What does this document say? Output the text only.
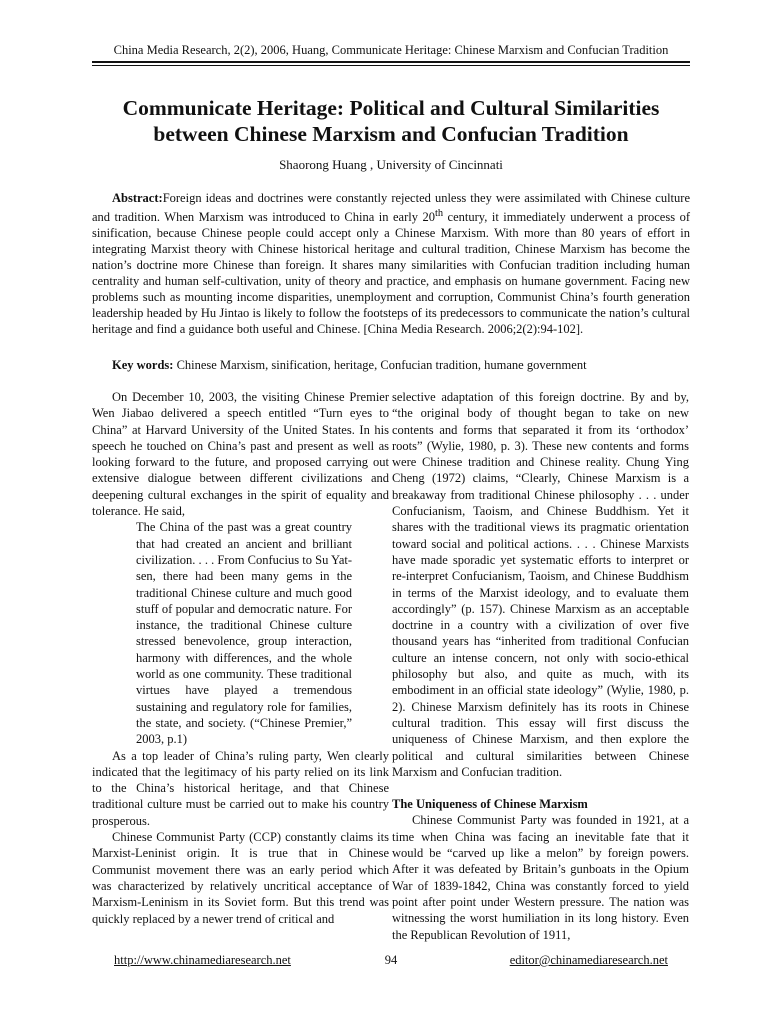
China Media Research, 2(2), 2006, Huang, Communicate Heritage: Chinese Marxism and Confucian Tradition
Communicate Heritage: Political and Cultural Similarities
between Chinese Marxism and Confucian Tradition
Shaorong Huang , University of Cincinnati

Abstract:Foreign ideas and doctrines were constantly rejected unless they were assimilated with Chinese culture and tradition. When Marxism was introduced to China in early 20th century, it immediately underwent a process of sinification, because Chinese people could accept only a Chinese Marxism. With more than 80 years of effort in integrating Marxist theory with Chinese historical heritage and cultural tradition, Chinese Marxism has become the nation’s doctrine more Chinese than foreign. It shares many similarities with Confucian tradition including human centrality and human self-cultivation, unity of theory and practice, and emphasis on humane government. Facing new problems such as mounting income disparities, unemployment and corruption, Communist China’s fourth generation leadership headed by Hu Jintao is likely to follow the footsteps of its predecessors to communicate the nation’s cultural heritage and find a guidance both useful and Chinese. [China Media Research. 2006;2(2):94-102].

Key words: Chinese Marxism, sinification, heritage, Confucian tradition, humane government

On December 10, 2003, the visiting Chinese Premier Wen Jiabao delivered a speech entitled “Turn eyes to China” at Harvard University of the United States. In his speech he touched on China’s past and present as well as looking forward to the future, and proposed carrying out extensive dialogue between different civilizations and deepening cultural exchanges in the spirit of equality and tolerance. He said,

The China of the past was a great country that had created an ancient and brilliant civilization. . . . From Confucius to Su Yat-sen, there had been many gems in the traditional Chinese culture and much good stuff of popular and democratic nature. For instance, the traditional Chinese culture stressed benevolence, group interaction, harmony with differences, and the whole world as one community. These traditional virtues have played a tremendous sustaining and regulatory role for families, the state, and society. (“Chinese Premier,” 2003, p.1)

As a top leader of China’s ruling party, Wen clearly indicated that the legitimacy of his party relied on its link to the China’s historical heritage, and that Chinese traditional culture must be carried out to make his country prosperous.

Chinese Communist Party (CCP) constantly claims its Marxist-Leninist origin. It is true that in Chinese Communist movement there was an early period which was characterized by relatively uncritical acceptance of Marxism-Leninism in its Soviet form. But this trend was quickly replaced by a newer trend of critical and

selective adaptation of this foreign doctrine. By and by, “the original body of thought began to take on new contents and forms that separated it from its ‘orthodox’ roots” (Wylie, 1980, p. 3). These new contents and forms were Chinese tradition and Chinese reality. Chung Ying Cheng (1972) claims, “Clearly, Chinese Marxism is a breakaway from traditional Chinese philosophy . . . under Confucianism, Taoism, and Chinese Buddhism. Yet it shares with the traditional views its pragmatic orientation toward social and political actions. . . . Chinese Marxists have made sporadic yet systematic efforts to interpret or re-interpret Confucianism, Taoism, and Chinese Buddhism in terms of the Marxist ideology, and to evaluate them accordingly” (p. 157). Chinese Marxism as an acceptable doctrine in a country with a civilization of over five thousand years has “inherited from traditional Confucian culture an intense concern, not only with socio-ethical philosophy but also, and quite as much, with its embodiment in an official state ideology” (Wylie, 1980, p. 2). Chinese Marxism definitely has its roots in Chinese cultural tradition. This essay will first discuss the uniqueness of Chinese Marxism, and then explore the political and cultural similarities between Chinese Marxism and Confucian tradition.

The Uniqueness of Chinese Marxism

Chinese Communist Party was founded in 1921, at a time when China was facing an inevitable fate that it would be “carved up like a melon” by foreign powers. After it was defeated by Britain’s gunboats in the Opium War of 1839-1842, China was constantly forced to yield point after point under Western pressure. The nation was witnessing the worst humiliation in its long history. Even the Republican Revolution of 1911,

http://www.chinamediaresearch.net	94	editor@chinamediaresearch.net
